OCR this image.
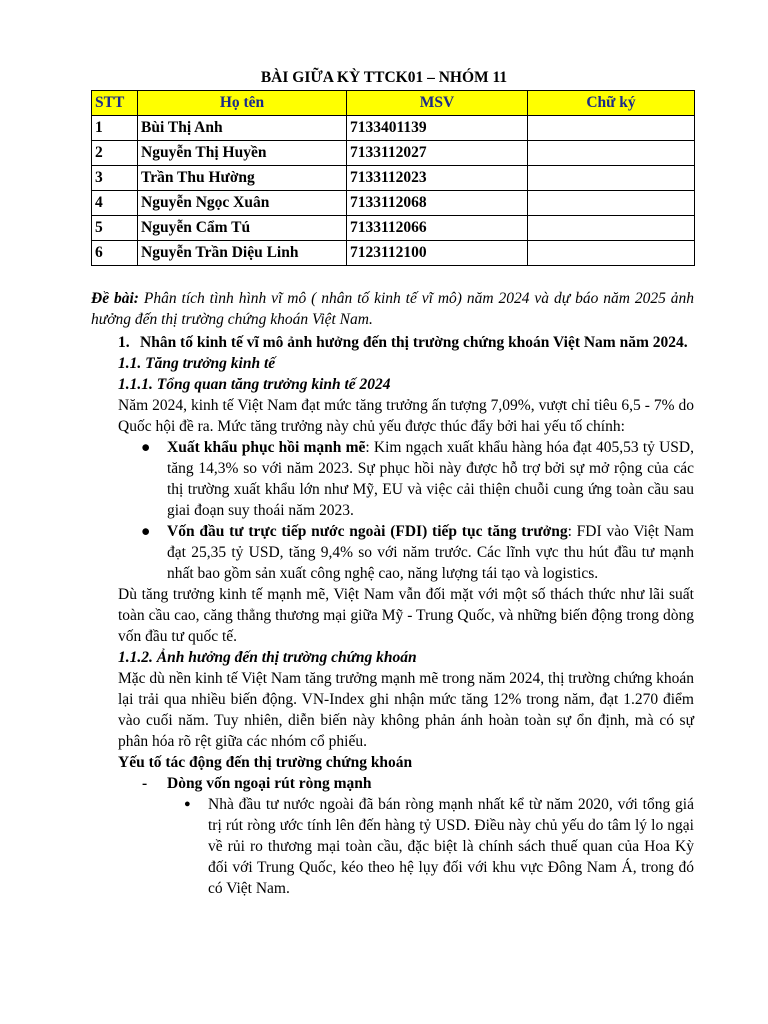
BÀI GIỮA KỲ TTCK01 – NHÓM 11
STT	Họ tên	MSV	Chữ ký
1	Bùi Thị Anh	7133401139	
2	Nguyễn Thị Huyền	7133112027	
3	Trần Thu Hường	7133112023	
4	Nguyễn Ngọc Xuân	7133112068	
5	Nguyễn Cẩm Tú	7133112066	
6	Nguyễn Trần Diệu Linh	7123112100	

Đề bài: Phân tích tình hình vĩ mô ( nhân tố kinh tế vĩ mô) năm 2024 và dự báo năm 2025 ảnh hưởng đến thị trường chứng khoán Việt Nam.

1. Nhân tố kinh tế vĩ mô ảnh hưởng đến thị trường chứng khoán Việt Nam năm 2024.

1.1. Tăng trưởng kinh tế

1.1.1. Tổng quan tăng trưởng kinh tế 2024

Năm 2024, kinh tế Việt Nam đạt mức tăng trưởng ấn tượng 7,09%, vượt chỉ tiêu 6,5 - 7% do Quốc hội đề ra. Mức tăng trưởng này chủ yếu được thúc đẩy bởi hai yếu tố chính:

● Xuất khẩu phục hồi mạnh mẽ: Kim ngạch xuất khẩu hàng hóa đạt 405,53 tỷ USD, tăng 14,3% so với năm 2023. Sự phục hồi này được hỗ trợ bởi sự mở rộng của các thị trường xuất khẩu lớn như Mỹ, EU và việc cải thiện chuỗi cung ứng toàn cầu sau giai đoạn suy thoái năm 2023.
● Vốn đầu tư trực tiếp nước ngoài (FDI) tiếp tục tăng trưởng: FDI vào Việt Nam đạt 25,35 tỷ USD, tăng 9,4% so với năm trước. Các lĩnh vực thu hút đầu tư mạnh nhất bao gồm sản xuất công nghệ cao, năng lượng tái tạo và logistics.

Dù tăng trưởng kinh tế mạnh mẽ, Việt Nam vẫn đối mặt với một số thách thức như lãi suất toàn cầu cao, căng thẳng thương mại giữa Mỹ - Trung Quốc, và những biến động trong dòng vốn đầu tư quốc tế.

1.1.2. Ảnh hưởng đến thị trường chứng khoán

Mặc dù nền kinh tế Việt Nam tăng trưởng mạnh mẽ trong năm 2024, thị trường chứng khoán lại trải qua nhiều biến động. VN-Index ghi nhận mức tăng 12% trong năm, đạt 1.270 điểm vào cuối năm. Tuy nhiên, diễn biến này không phản ánh hoàn toàn sự ổn định, mà có sự phân hóa rõ rệt giữa các nhóm cổ phiếu.

Yếu tố tác động đến thị trường chứng khoán

- Dòng vốn ngoại rút ròng mạnh
● Nhà đầu tư nước ngoài đã bán ròng mạnh nhất kể từ năm 2020, với tổng giá trị rút ròng ước tính lên đến hàng tỷ USD. Điều này chủ yếu do tâm lý lo ngại về rủi ro thương mại toàn cầu, đặc biệt là chính sách thuế quan của Hoa Kỳ đối với Trung Quốc, kéo theo hệ lụy đối với khu vực Đông Nam Á, trong đó có Việt Nam.
